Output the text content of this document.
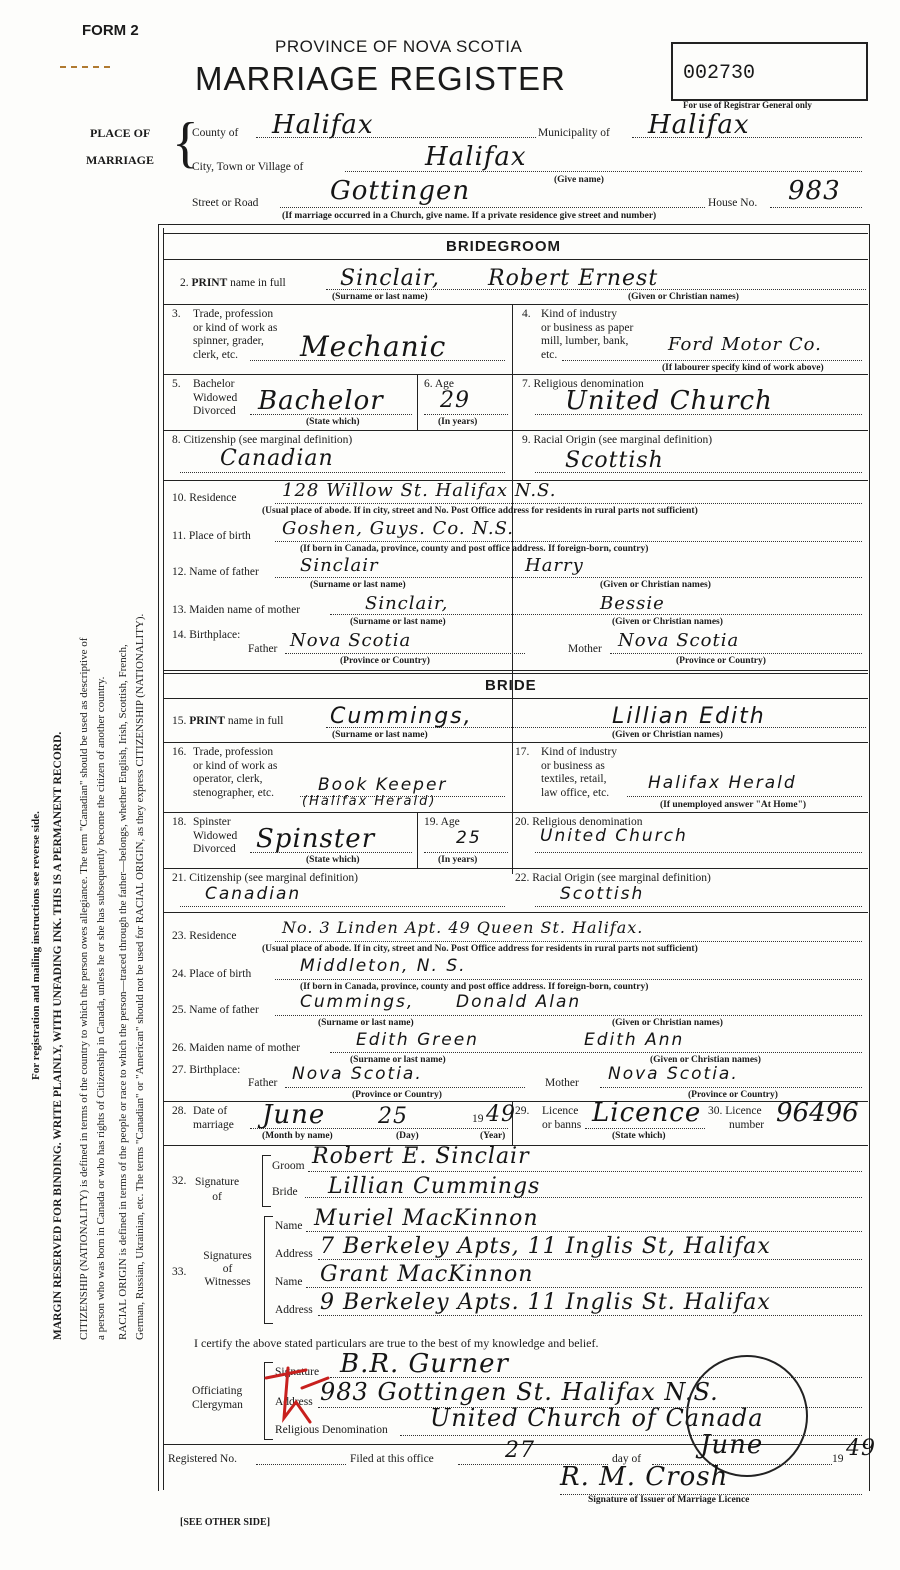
FORM 2
PROVINCE OF NOVA SCOTIA
MARRIAGE REGISTER	002730
For use of Registrar General only
PLACE OF
MARRIAGE {
County of Halifax	Municipality of Halifax
City, Town or Village of	Halifax
(Give name)
Street or Road	Gottingen	House No. 983
(If marriage occurred in a Church, give name. If a private residence give street and number)
For registration and mailing instructions see reverse side. MARGIN RESERVED FOR BINDING. WRITE PLAINLY, WITH UNFADING INK. THIS IS A PERMANENT RECORD. CITIZENSHIP (NATIONALITY) is defined in terms of the country to which the person owes allegiance. The term "Canadian" should be used as descriptive of a person who was born in Canada or who has rights of Citizenship in Canada, unless he or she has subsequently become the citizen of another country. RACIAL ORIGIN is defined in terms of the people or race to which the person—traced through the father—belongs, whether English, Irish, Scottish, French, German, Russian, Ukrainian, etc. The terms "Canadian" or "American" should not be used for RACIAL ORIGIN, as they express CITIZENSHIP (NATIONALITY).
BRIDEGROOM
2. PRINT name in full Sinclair, Robert Ernest
(Surname or last name)	(Given or Christian names)
3. Trade, profession
or kind of work as
spinner, grader,
clerk, etc.	Mechanic
4. Kind of industry
or business as paper
mill, lumber, bank,
etc.	Ford Motor Co.
(If labourer specify kind of work above)
5. Bachelor
Widowed
Divorced Bachelor
(State which)
6. Age
29
(In years)
7. Religious denomination
United Church
8. Citizenship (see marginal definition)
Canadian
9. Racial Origin (see marginal definition)
Scottish
10. Residence	128 Willow St. Halifax N.S.
(Usual place of abode. If in city, street and No. Post Office address for residents in rural parts not sufficient)
11. Place of birth Goshen, Guys. Co. N.S.
(If born in Canada, province, county and post office address. If foreign-born, country)
12. Name of father Sinclair	Harry
(Surname or last name)	(Given or Christian names)
13. Maiden name of mother	Sinclair,	Bessie
(Surname or last name)	(Given or Christian names)
14. Birthplace:
Father Nova Scotia	Mother Nova Scotia
(Province or Country)	(Province or Country)
BRIDE
15. PRINT name in full Cummings,	Lillian Edith
(Surname or last name)	(Given or Christian names)
16. Trade, profession
or kind of work as
operator, clerk,
stenographer, etc.	Book Keeper
(Halifax Herald)
17. Kind of industry
or business as
textiles, retail,
law office, etc.	Halifax Herald
(If unemployed answer "At Home")
18. Spinster
Widowed
Divorced Spinster
(State which)
19. Age
25
(In years)
20. Religious denomination
United Church
21. Citizenship (see marginal definition)
Canadian
22. Racial Origin (see marginal definition)
Scottish
23. Residence	No. 3 Linden Apt. 49 Queen St. Halifax.
(Usual place of abode. If in city, street and No. Post Office address for residents in rural parts not sufficient)
24. Place of birth	Middleton, N. S.
(If born in Canada, province, county and post office address. If foreign-born, country)
25. Name of father Cummings, Donald Alan
(Surname or last name)	(Given or Christian names)
26. Maiden name of mother	Edith Green	Edith Ann
(Surname or last name)	(Given or Christian names)
27. Birthplace:
Father Nova Scotia.	Mother Nova Scotia.
(Province or Country)	(Province or Country)
28. Date of
marriage June 25	19 49
(Month by name)	(Day)	(Year)
29. Licence
or banns Licence
(State which)
30. Licence
number 96496
32. Signature
of
Groom Robert E. Sinclair
Bride Lillian Cummings
33.
Signatures
of
Witnesses
Name Muriel MacKinnon
Address 7 Berkeley Apts, 11 Inglis St, Halifax
Name Grant MacKinnon
Address 9 Berkeley Apts. 11 Inglis St. Halifax
I certify the above stated particulars are true to the best of my knowledge and belief.
Officiating
Clergyman
Signature B.R. Gurner
Address 983 Gottingen St. Halifax N.S.
Religious Denomination United Church of Canada
Registered No.	Filed at this office	27	day of June	19 49
R. M. Crosh
Signature of Issuer of Marriage Licence
[SEE OTHER SIDE]
